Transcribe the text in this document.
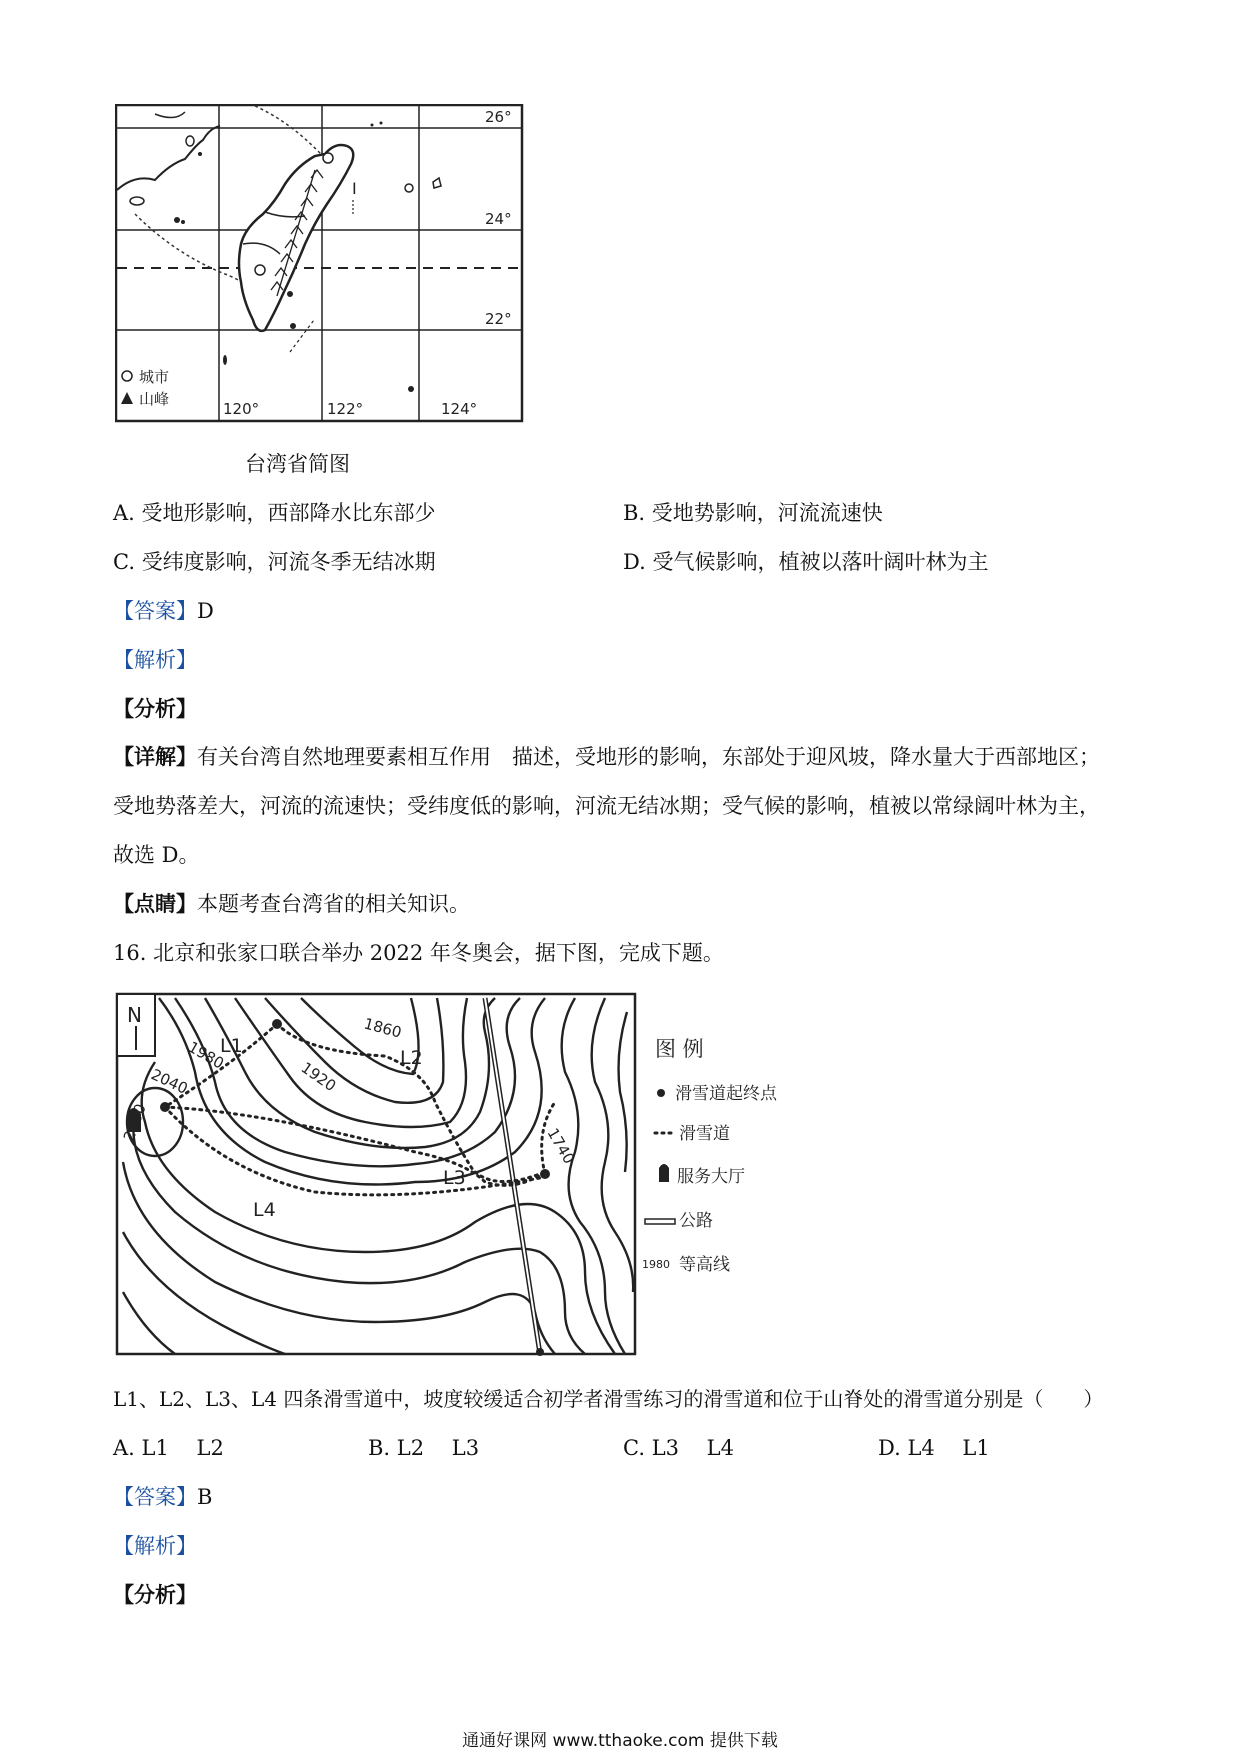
I
26°
24°
22°
120°	122°	124°
城市
山峰
台湾省简图
A. 受地形影响，西部降水比东部少	B. 受地势影响，河流流速快
C. 受纬度影响，河流冬季无结冰期	D. 受气候影响，植被以落叶阔叶林为主
【答案】D
【解析】
【分析】
【详解】有关台湾自然地理要素相互作用　描述，受地形的影响，东部处于迎风坡，降水量大于西部地区；
受地势落差大，河流的流速快；受纬度低的影响，河流无结冰期；受气候的影响，植被以常绿阔叶林为主，
故选 D。
【点睛】本题考查台湾省的相关知识。
16. 北京和张家口联合举办 2022 年冬奥会，据下图，完成下题。
N
L1
L2
L3
L4
1860
1920
1980
2040
2100
1740
图 例
滑雪道起终点
滑雪道
服务大厅
公路
1980 等高线
L1、L2、L3、L4 四条滑雪道中，坡度较缓适合初学者滑雪练习的滑雪道和位于山脊处的滑雪道分别是（　　）
A. L1　 L2	B. L2　 L3	C. L3　 L4	D. L4　 L1
【答案】B
【解析】
【分析】
通通好课网 www.tthaoke.com 提供下载
